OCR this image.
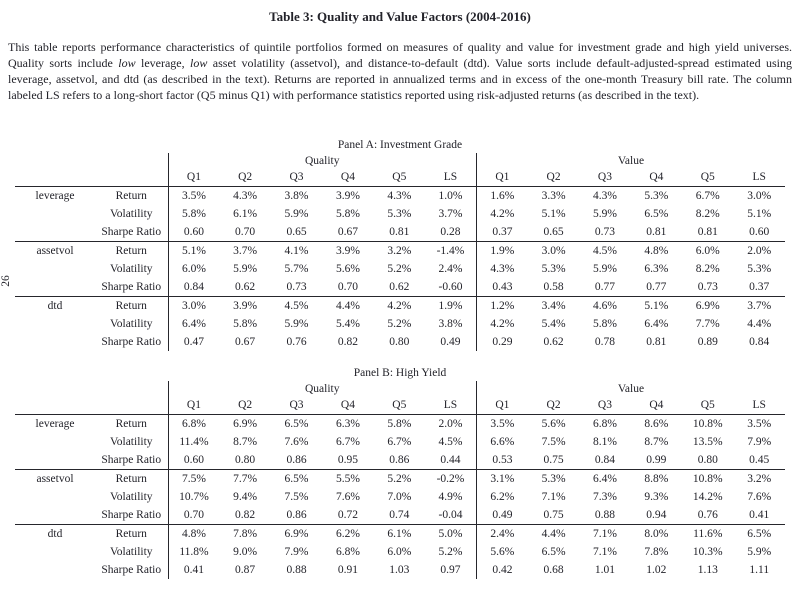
26
Table 3: Quality and Value Factors (2004-2016)

This table reports performance characteristics of quintile portfolios formed on measures of quality and value for investment grade and high yield universes. Quality sorts include low leverage, low asset volatility (assetvol), and distance-to-default (dtd). Value sorts include default-adjusted-spread estimated using leverage, assetvol, and dtd (as described in the text). Returns are reported in annualized terms and in excess of the one-month Treasury bill rate. The column labeled LS refers to a long-short factor (Q5 minus Q1) with performance statistics reported using risk-adjusted returns (as described in the text).

Panel A: Investment Grade
		Quality						Value					
		Q1	Q2	Q3	Q4	Q5	LS	Q1	Q2	Q3	Q4	Q5	LS
leverage	Return	3.5%	4.3%	3.8%	3.9%	4.3%	1.0%	1.6%	3.3%	4.3%	5.3%	6.7%	3.0%
	Volatility	5.8%	6.1%	5.9%	5.8%	5.3%	3.7%	4.2%	5.1%	5.9%	6.5%	8.2%	5.1%
	Sharpe Ratio	0.60	0.70	0.65	0.67	0.81	0.28	0.37	0.65	0.73	0.81	0.81	0.60
assetvol	Return	5.1%	3.7%	4.1%	3.9%	3.2%	-1.4%	1.9%	3.0%	4.5%	4.8%	6.0%	2.0%
	Volatility	6.0%	5.9%	5.7%	5.6%	5.2%	2.4%	4.3%	5.3%	5.9%	6.3%	8.2%	5.3%
	Sharpe Ratio	0.84	0.62	0.73	0.70	0.62	-0.60	0.43	0.58	0.77	0.77	0.73	0.37
dtd	Return	3.0%	3.9%	4.5%	4.4%	4.2%	1.9%	1.2%	3.4%	4.6%	5.1%	6.9%	3.7%
	Volatility	6.4%	5.8%	5.9%	5.4%	5.2%	3.8%	4.2%	5.4%	5.8%	6.4%	7.7%	4.4%
	Sharpe Ratio	0.47	0.67	0.76	0.82	0.80	0.49	0.29	0.62	0.78	0.81	0.89	0.84
Panel B: High Yield
		Quality						Value					
		Q1	Q2	Q3	Q4	Q5	LS	Q1	Q2	Q3	Q4	Q5	LS
leverage	Return	6.8%	6.9%	6.5%	6.3%	5.8%	2.0%	3.5%	5.6%	6.8%	8.6%	10.8%	3.5%
	Volatility	11.4%	8.7%	7.6%	6.7%	6.7%	4.5%	6.6%	7.5%	8.1%	8.7%	13.5%	7.9%
	Sharpe Ratio	0.60	0.80	0.86	0.95	0.86	0.44	0.53	0.75	0.84	0.99	0.80	0.45
assetvol	Return	7.5%	7.7%	6.5%	5.5%	5.2%	-0.2%	3.1%	5.3%	6.4%	8.8%	10.8%	3.2%
	Volatility	10.7%	9.4%	7.5%	7.6%	7.0%	4.9%	6.2%	7.1%	7.3%	9.3%	14.2%	7.6%
	Sharpe Ratio	0.70	0.82	0.86	0.72	0.74	-0.04	0.49	0.75	0.88	0.94	0.76	0.41
dtd	Return	4.8%	7.8%	6.9%	6.2%	6.1%	5.0%	2.4%	4.4%	7.1%	8.0%	11.6%	6.5%
	Volatility	11.8%	9.0%	7.9%	6.8%	6.0%	5.2%	5.6%	6.5%	7.1%	7.8%	10.3%	5.9%
	Sharpe Ratio	0.41	0.87	0.88	0.91	1.03	0.97	0.42	0.68	1.01	1.02	1.13	1.11
